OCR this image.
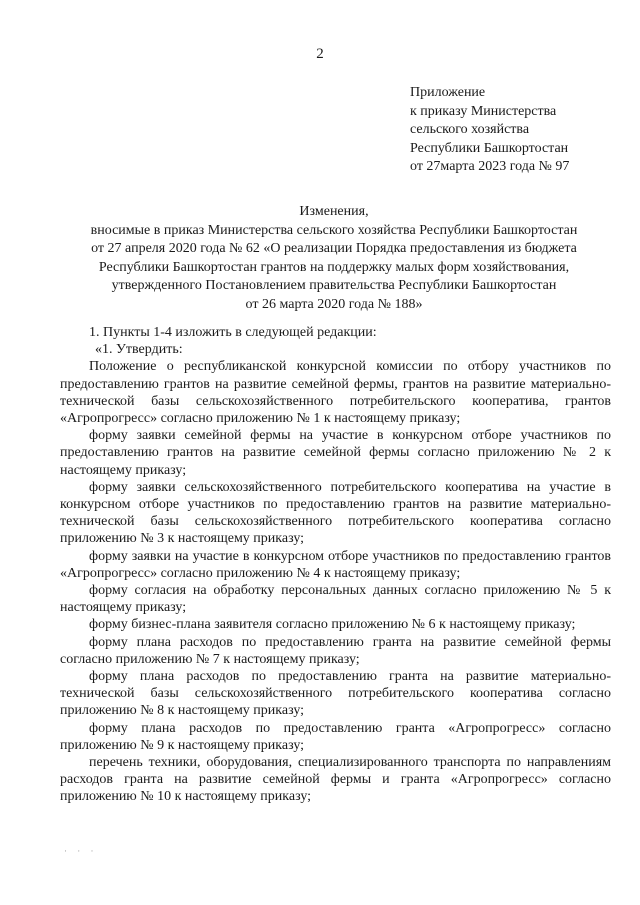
2
Приложение
к приказу Министерства
сельского хозяйства
Республики Башкортостан
от 27марта 2023 года № 97
Изменения,
вносимые в приказ Министерства сельского хозяйства Республики Башкортостан
от 27 апреля 2020 года № 62 «О реализации Порядка предоставления из бюджета
Республики Башкортостан грантов на поддержку малых форм хозяйствования,
утвержденного Постановлением правительства Республики Башкортостан
от 26 марта 2020 года № 188»

1. Пункты 1-4 изложить в следующей редакции:

«1. Утвердить:

Положение о республиканской конкурсной комиссии по отбору участников по предоставлению грантов на развитие семейной фермы, грантов на развитие материально-технической базы сельскохозяйственного потребительского кооператива, грантов «Агропрогресс» согласно приложению № 1 к настоящему приказу;

форму заявки семейной фермы на участие в конкурсном отборе участников по предоставлению грантов на развитие семейной фермы согласно приложению № 2 к настоящему приказу;

форму заявки сельскохозяйственного потребительского кооператива на участие в конкурсном отборе участников по предоставлению грантов на развитие материально-технической базы сельскохозяйственного потребительского кооператива согласно приложению № 3 к настоящему приказу;

форму заявки на участие в конкурсном отборе участников по предоставлению грантов «Агропрогресс» согласно приложению № 4 к настоящему приказу;

форму согласия на обработку персональных данных согласно приложению № 5 к настоящему приказу;

форму бизнес-плана заявителя согласно приложению № 6 к настоящему приказу;

форму плана расходов по предоставлению гранта на развитие семейной фермы согласно приложению № 7 к настоящему приказу;

форму плана расходов по предоставлению гранта на развитие материально-технической базы сельскохозяйственного потребительского кооператива согласно приложению № 8 к настоящему приказу;

форму плана расходов по предоставлению гранта «Агропрогресс» согласно приложению № 9 к настоящему приказу;

перечень техники, оборудования, специализированного транспорта по направлениям расходов гранта на развитие семейной фермы и гранта «Агропрогресс» согласно приложению № 10 к настоящему приказу;

· · ·
